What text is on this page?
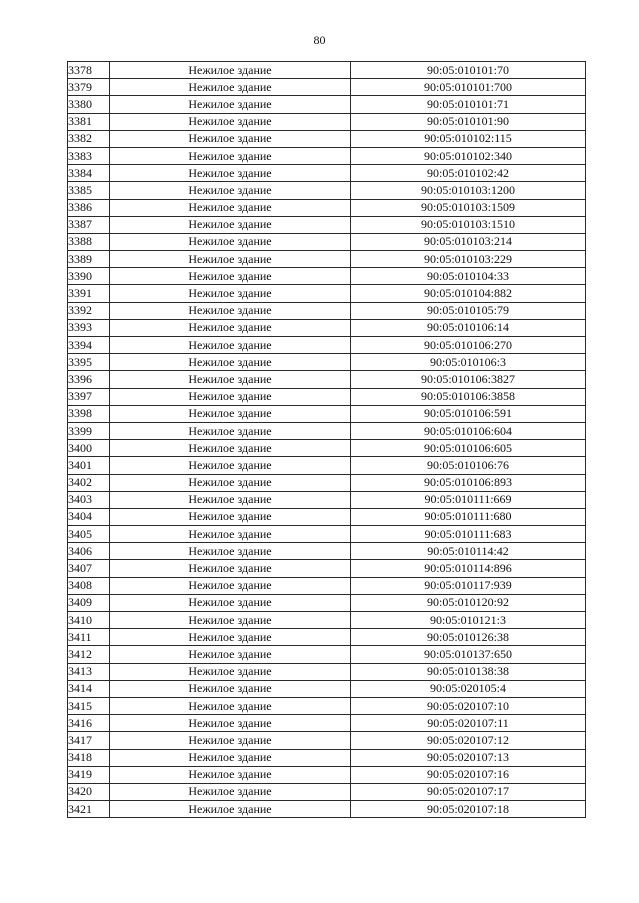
80
3378	Нежилое здание	90:05:010101:70
3379	Нежилое здание	90:05:010101:700
3380	Нежилое здание	90:05:010101:71
3381	Нежилое здание	90:05:010101:90
3382	Нежилое здание	90:05:010102:115
3383	Нежилое здание	90:05:010102:340
3384	Нежилое здание	90:05:010102:42
3385	Нежилое здание	90:05:010103:1200
3386	Нежилое здание	90:05:010103:1509
3387	Нежилое здание	90:05:010103:1510
3388	Нежилое здание	90:05:010103:214
3389	Нежилое здание	90:05:010103:229
3390	Нежилое здание	90:05:010104:33
3391	Нежилое здание	90:05:010104:882
3392	Нежилое здание	90:05:010105:79
3393	Нежилое здание	90:05:010106:14
3394	Нежилое здание	90:05:010106:270
3395	Нежилое здание	90:05:010106:3
3396	Нежилое здание	90:05:010106:3827
3397	Нежилое здание	90:05:010106:3858
3398	Нежилое здание	90:05:010106:591
3399	Нежилое здание	90:05:010106:604
3400	Нежилое здание	90:05:010106:605
3401	Нежилое здание	90:05:010106:76
3402	Нежилое здание	90:05:010106:893
3403	Нежилое здание	90:05:010111:669
3404	Нежилое здание	90:05:010111:680
3405	Нежилое здание	90:05:010111:683
3406	Нежилое здание	90:05:010114:42
3407	Нежилое здание	90:05:010114:896
3408	Нежилое здание	90:05:010117:939
3409	Нежилое здание	90:05:010120:92
3410	Нежилое здание	90:05:010121:3
3411	Нежилое здание	90:05:010126:38
3412	Нежилое здание	90:05:010137:650
3413	Нежилое здание	90:05:010138:38
3414	Нежилое здание	90:05:020105:4
3415	Нежилое здание	90:05:020107:10
3416	Нежилое здание	90:05:020107:11
3417	Нежилое здание	90:05:020107:12
3418	Нежилое здание	90:05:020107:13
3419	Нежилое здание	90:05:020107:16
3420	Нежилое здание	90:05:020107:17
3421	Нежилое здание	90:05:020107:18
